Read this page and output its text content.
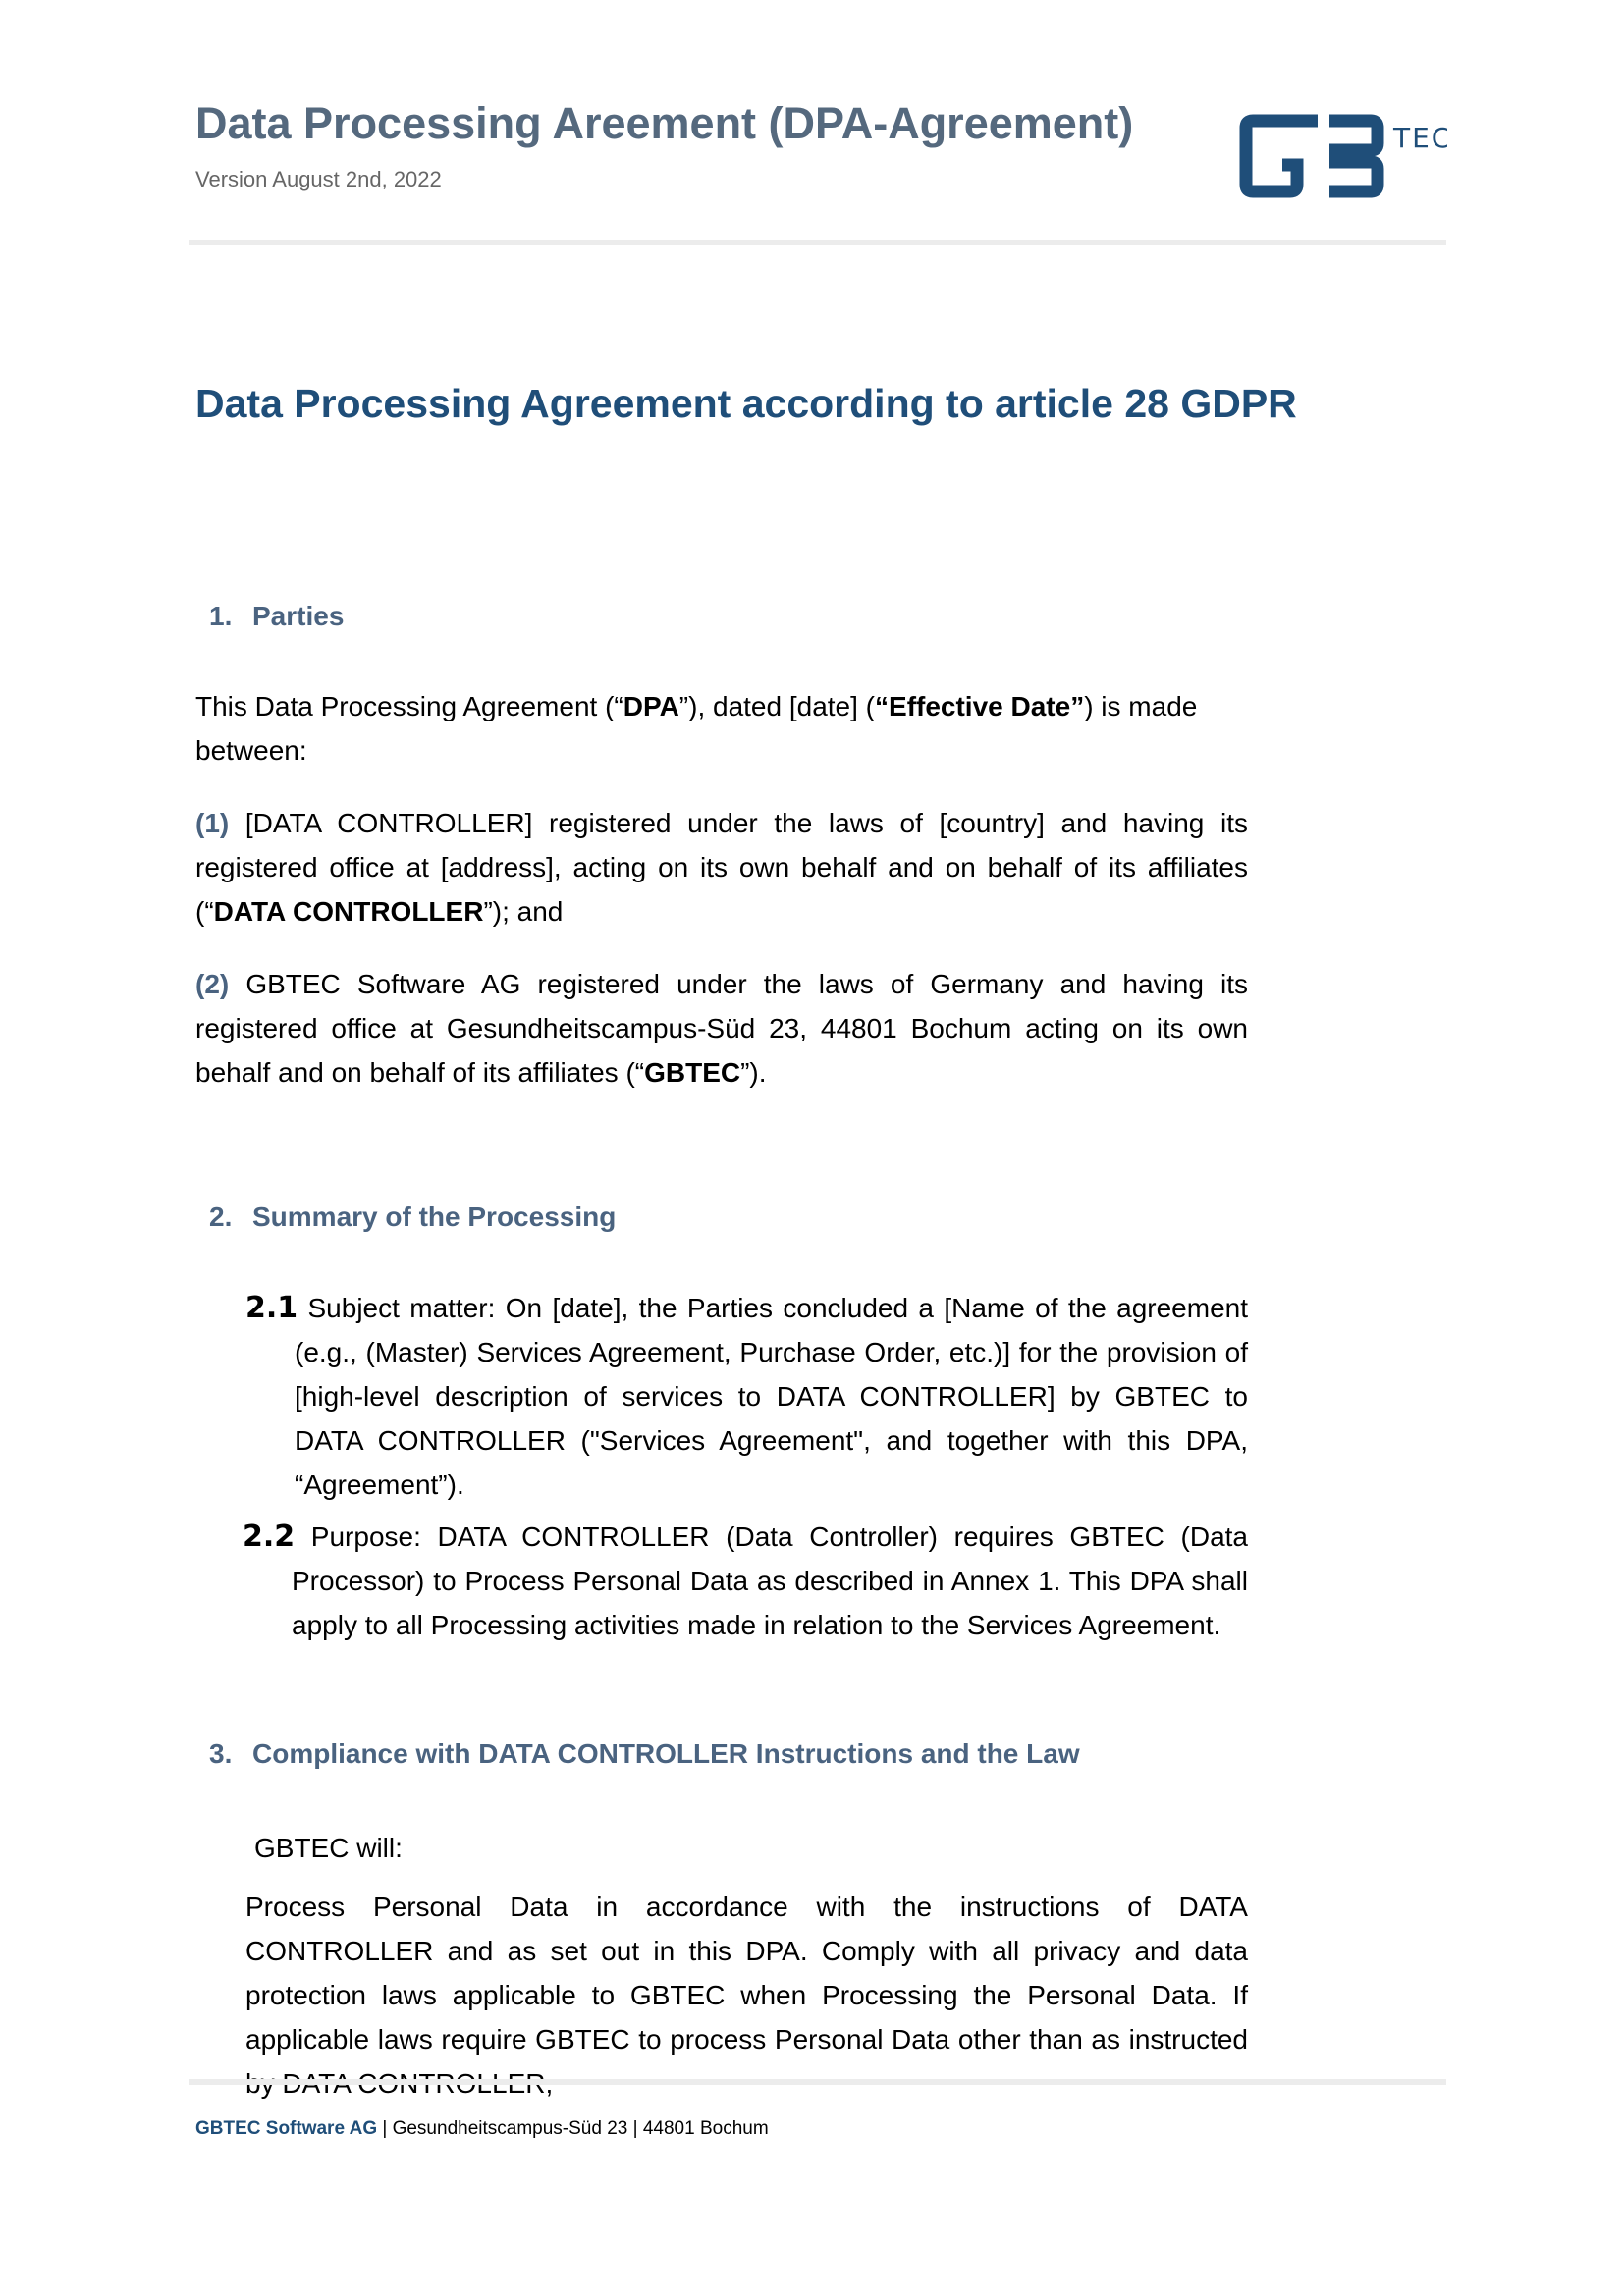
Data Processing Areement (DPA-Agreement)
Version August 2nd, 2022
TEC
Data Processing Agreement according to article 28 GDPR
1. Parties
This Data Processing Agreement (“DPA”), dated [date] (“Effective Date”) is made between:
(1) [DATA CONTROLLER] registered under the laws of [country] and having its registered office at [address], acting on its own behalf and on behalf of its affiliates (“DATA CONTROLLER”); and
(2) GBTEC Software AG registered under the laws of Germany and having its registered office at Gesundheitscampus-Süd 23, 44801 Bochum acting on its own behalf and on behalf of its affiliates (“GBTEC”).
2. Summary of the Processing
2.1 Subject matter: On [date], the Parties concluded a [Name of the agreement (e.g., (Master) Services Agreement, Purchase Order, etc.)] for the provision of [high-level description of services to DATA CONTROLLER] by GBTEC to DATA CONTROLLER ("Services Agreement", and together with this DPA, “Agreement”).
2.2 Purpose: DATA CONTROLLER (Data Controller) requires GBTEC (Data Processor) to Process Personal Data as described in Annex 1. This DPA shall apply to all Processing activities made in relation to the Services Agreement.
3. Compliance with DATA CONTROLLER Instructions and the Law
GBTEC will:
Process Personal Data in accordance with the instructions of DATA CONTROLLER and as set out in this DPA. Comply with all privacy and data protection laws applicable to GBTEC when Processing the Personal Data. If applicable laws require GBTEC to process Personal Data other than as instructed
GBTEC Software AG | Gesundheitscampus-Süd 23 | 44801 Bochum
